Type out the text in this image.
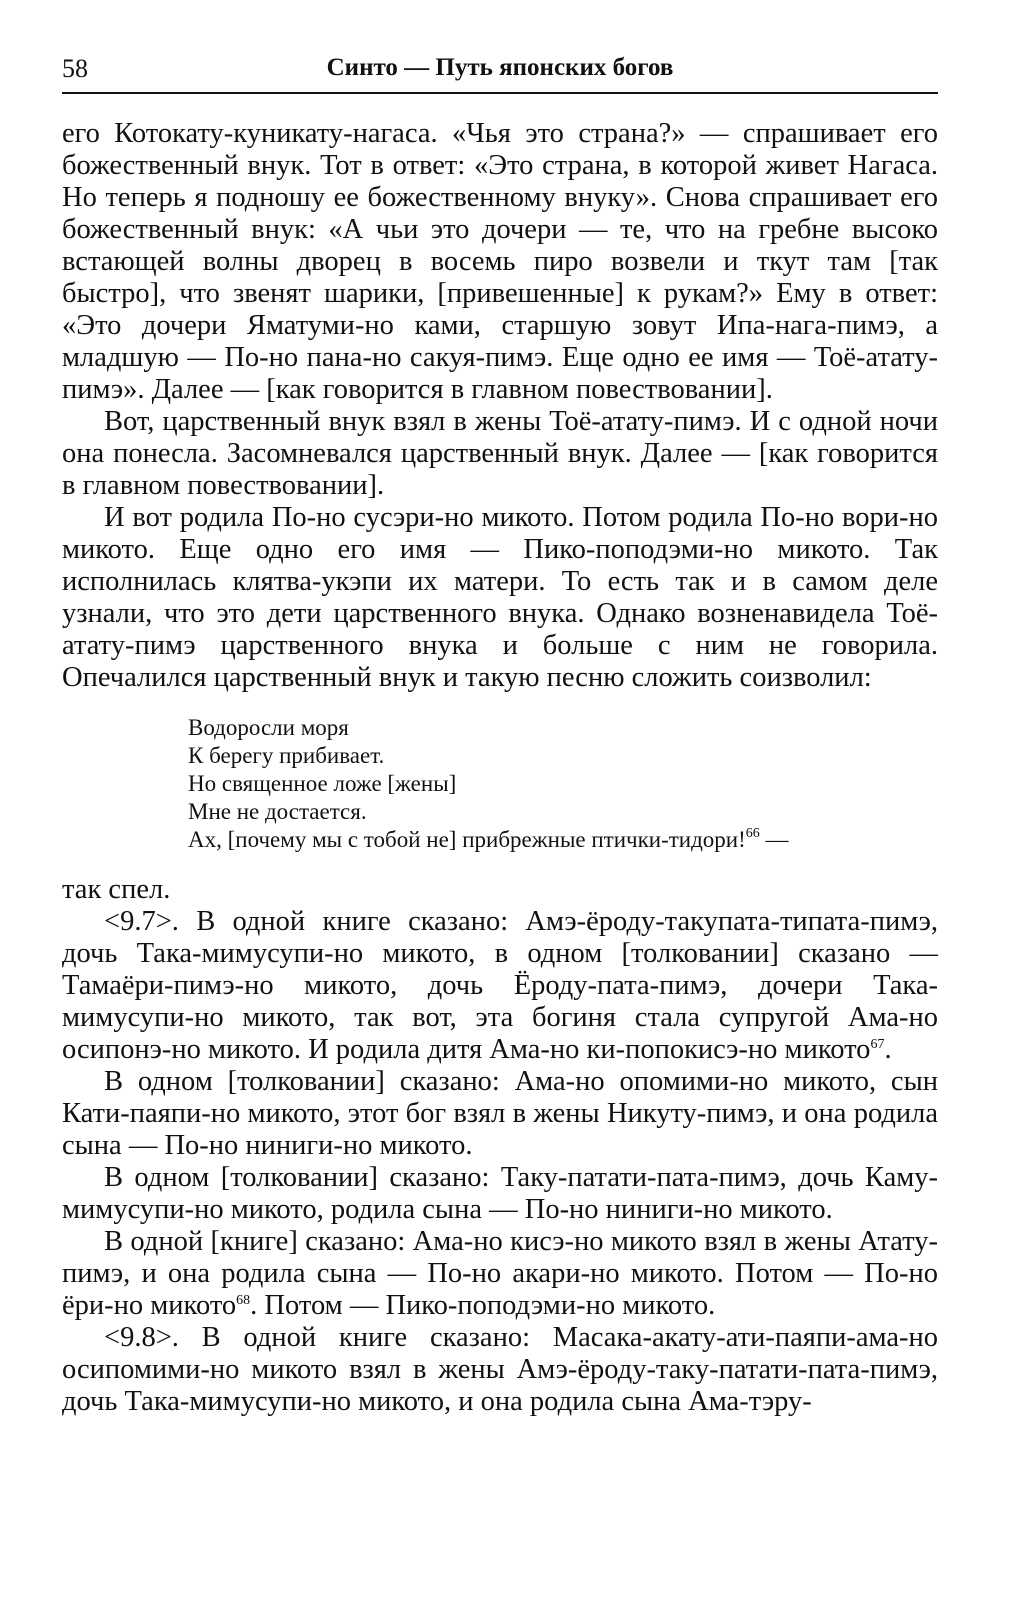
58	Синто — Путь японских богов

его Котокату-куникату-нагаса. «Чья это страна?» — спрашивает его божественный внук. Тот в ответ: «Это страна, в которой живет Нагаса. Но теперь я подношу ее божественному внуку». Снова спрашивает его божественный внук: «А чьи это дочери — те, что на гребне высоко встающей волны дворец в восемь пиро возвели и ткут там [так быстро], что звенят шарики, [привешенные] к рукам?» Ему в ответ: «Это дочери Яматуми-но ками, старшую зовут Ипа-нага-пимэ, а младшую — По-но пана-но сакуя-пимэ. Еще одно ее имя — Тоё-атату-пимэ». Далее — [как говорится в главном повествовании].

Вот, царственный внук взял в жены Тоё-атату-пимэ. И с одной ночи она понесла. Засомневался царственный внук. Далее — [как говорится в главном повествовании].

И вот родила По-но сусэри-но микото. Потом родила По-но вори-но микото. Еще одно его имя — Пико-поподэми-но микото. Так исполнилась клятва-укэпи их матери. То есть так и в самом деле узнали, что это дети царственного внука. Однако возненавидела Тоё-атату-пимэ царственного внука и больше с ним не говорила. Опечалился царственный внук и такую песню сложить соизволил:

Водоросли моря
К берегу прибивает.
Но священное ложе [жены]
Мне не достается.
Ах, [почему мы с тобой не] прибрежные птички-тидори!$^{66}$ —

так спел.

<9.7>. В одной книге сказано: Амэ-ёроду-такупата-типата-пимэ, дочь Така-мимусупи-но микото, в одном [толковании] сказано — Тамаёри-пимэ-но микото, дочь Ёроду-пата-пимэ, дочери Така-мимусупи-но микото, так вот, эта богиня стала супругой Ама-но осипонэ-но микото. И родила дитя Ама-но ки-попокисэ-но микото$^{67}$.

В одном [толковании] сказано: Ама-но опомими-но микото, сын Кати-паяпи-но микото, этот бог взял в жены Никуту-пимэ, и она родила сына — По-но ниниги-но микото.

В одном [толковании] сказано: Таку-патати-пата-пимэ, дочь Каму-мимусупи-но микото, родила сына — По-но ниниги-но микото.

В одной [книге] сказано: Ама-но кисэ-но микото взял в жены Атату-пимэ, и она родила сына — По-но акари-но микото. Потом — По-но ёри-но микото$^{68}$. Потом — Пико-поподэми-но микото.

<9.8>. В одной книге сказано: Масака-акату-ати-паяпи-ама-но осипомими-но микото взял в жены Амэ-ёроду-таку-патати-пата-пимэ, дочь Така-мимусупи-но микото, и она родила сына Ама-тэру-
